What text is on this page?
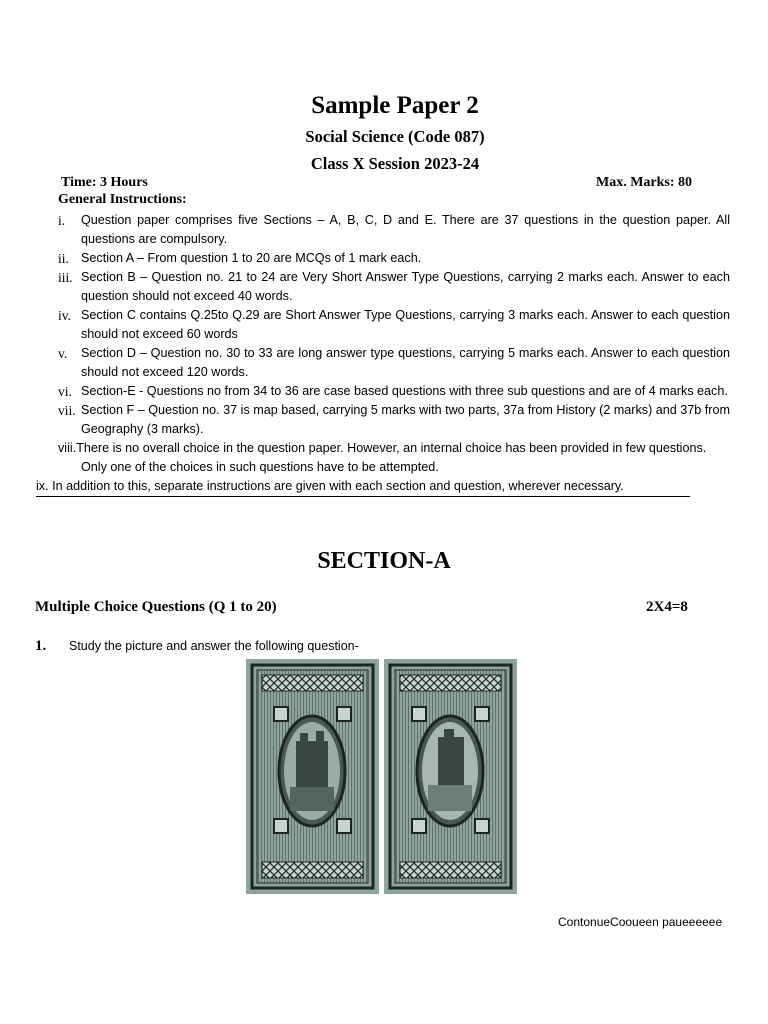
Sample Paper 2
Social Science (Code 087)
Class X Session 2023-24
Time: 3 Hours	Max. Marks: 80
General Instructions:
i.	Question paper comprises five Sections – A, B, C, D and E. There are 37 questions in the question paper. All questions are compulsory.
ii. Section A – From question 1 to 20 are MCQs of 1 mark each.
iii. Section B – Question no. 21 to 24 are Very Short Answer Type Questions, carrying 2 marks each. Answer to each question should not exceed 40 words.
iv. Section C contains Q.25to Q.29 are Short Answer Type Questions, carrying 3 marks each. Answer to each question should not exceed 60 words
v.	Section D – Question no. 30 to 33 are long answer type questions, carrying 5 marks each. Answer to each question should not exceed 120 words.
vi. Section-E - Questions no from 34 to 36 are case based questions with three sub questions and are of 4 marks each.
vii. Section F – Question no. 37 is map based, carrying 5 marks with two parts, 37a from History (2 marks) and 37b from Geography (3 marks).
viii.There is no overall choice in the question paper. However, an internal choice has been provided in few questions.
Only one of the choices in such questions have to be attempted.
ix. In addition to this, separate instructions are given with each section and question, wherever necessary.
SECTION-A
Multiple Choice Questions (Q 1 to 20)	2X4=8
1. Study the picture and answer the following question-
ContonueCooueen paueeeeee
